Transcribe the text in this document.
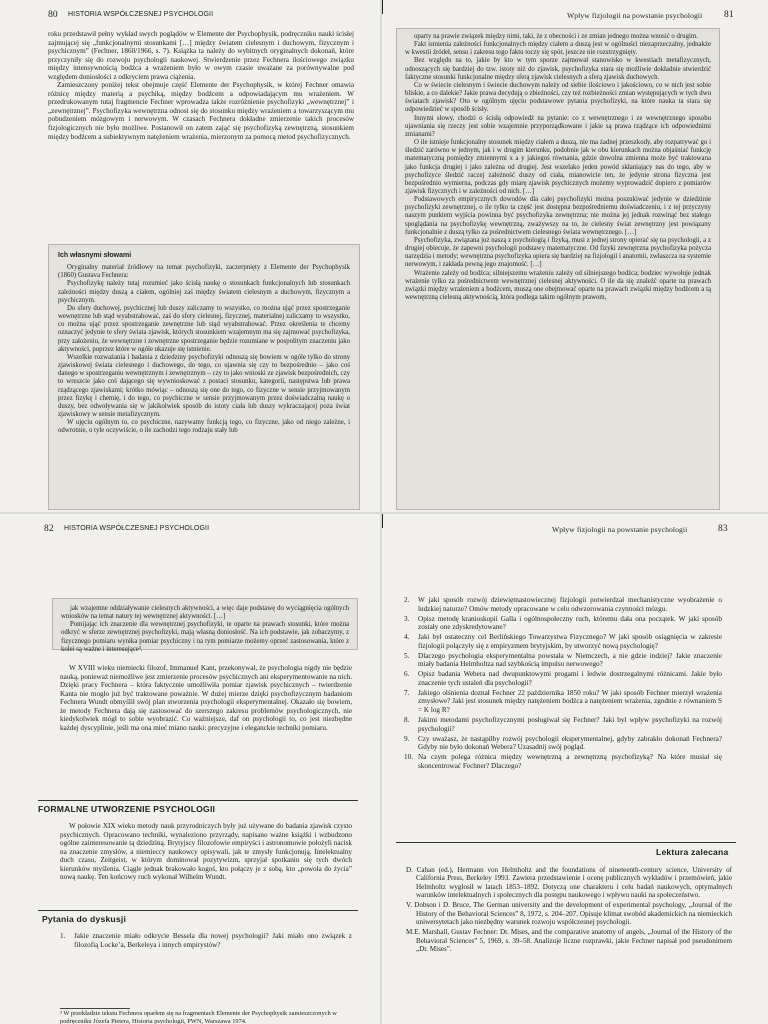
80 HISTORIA WSPÓŁCZESNEJ PSYCHOLOGII

roku przedstawił pełny wykład swych poglądów w Elemente der Psychophysik, podręczniku nauki ścisłej zajmującej się „funkcjonalnymi stosunkami […] między światem cielesnym i duchowym, fizycznym i psychicznym” (Fechner, 1860/1966, s. 7). Książka ta należy do wybitnych oryginalnych dokonań, które przyczyniły się do rozwoju psychologii naukowej. Stwierdzenie przez Fechnera ilościowego związku między intensywnością bodźca a wrażeniem było w owym czasie uważane za porównywalne pod względem doniosłości z odkryciem prawa ciążenia.

Zamieszczony poniżej tekst obejmuje część Elemente der Psychophysik, w której Fechner omawia różnicę między materią a psychiką, między bodźcem a odpowiadającym mu wrażeniem. W przedrukowanym tutaj fragmencie Fechner wprowadza także rozróżnienie psychofizyki „wewnętrznej” i „zewnętrznej”. Psychofizyka wewnętrzna odnosi się do stosunku między wrażeniem a towarzyszącym mu pobudzeniem mózgowym i nerwowym. W czasach Fechnera dokładne zmierzenie takich procesów fizjologicznych nie było możliwe. Postanowił on zatem zająć się psychofizyką zewnętrzną, stosunkiem między bodźcem a subiektywnym natężeniem wrażenia, mierzonym za pomocą metod psychofizycznych.

Ich własnymi słowami

Oryginalny materiał źródłowy na temat psychofizyki, zaczerpnięty z Elemente der Psychophysik (1860) Gustava Fechnera:

Psychofizykę należy tutaj rozumieć jako ścisłą naukę o stosunkach funkcjonalnych lub stosunkach zależności między duszą a ciałem, ogólniej zaś między światem cielesnym a duchowym, fizycznym a psychicznym.

Do sfery duchowej, psychicznej lub duszy zaliczamy to wszystko, co można ująć przez spostrzeganie wewnętrzne lub stąd wyabstrahować, zaś do sfery cielesnej, fizycznej, materialnej zaliczamy to wszystko, co można ująć przez spostrzeganie zewnętrzne lub stąd wyabstrahować. Przez określenia te chcemy oznaczyć jedynie te sfery świata zjawisk, których stosunkiem wzajemnym ma się zajmować psychofizyka, przy założeniu, że wewnętrzne i zewnętrzne spostrzeganie będzie rozumiane w pospolitym znaczeniu jako aktywności, poprzez które w ogóle ukazuje się istnienie.

Wszelkie rozważania i badania z dziedziny psychofizyki odnoszą się bowiem w ogóle tylko do strony zjawiskowej świata cielesnego i duchowego, do tego, co ujawnia się czy to bezpośrednio – jako coś danego w spostrzeganiu wewnętrznym i zewnętrznym – czy to jako wnioski ze zjawisk bezpośrednich, czy to wreszcie jako coś dającego się wywnioskować z postaci stosunku, kategorii, następstwa lub prawa rządzącego zjawiskami; krótko mówiąc – odnoszą się one do tego, co fizyczne w sensie przyjmowanym przez fizykę i chemię, i do tego, co psychiczne w sensie przyjmowanym przez doświadczalną naukę o duszy, bez odwoływania się w jakikolwiek sposób do istoty ciała lub duszy wykraczającej poza świat zjawiskowy w sensie metafizycznym.

W ujęciu ogólnym to, co psychiczne, nazywamy funkcją tego, co fizyczne, jako od niego zależne, i odwrotnie, o tyle oczywiście, o ile zachodzi tego rodzaju stały lub

Wpływ fizjologii na powstanie psychologii 81

oparty na prawie związek między nimi, taki, że z obecności i ze zmian jednego można wnosić o drugim.

Fakt istnienia zależności funkcjonalnych między ciałem a duszą jest w ogólności niezaprzeczalny, jednakże w kwestii źródeł, sensu i zakresu tego faktu toczy się spór, jeszcze nie rozstrzygnięty.

Bez względu na to, jakie by kto w tym sporze zajmował stanowisko w kwestiach metafizycznych, odnoszących się bardziej do tzw. istoty niż do zjawisk, psychofizyka stara się możliwie dokładnie stwierdzić faktyczne stosunki funkcjonalne między sferą zjawisk cielesnych a sferą zjawisk duchowych.

Co w świecie cielesnym i świecie duchowym należy od siebie ilościowo i jakościowo, co w nich jest sobie bliskie, a co dalekie? Jakie prawa decydują o zbieżności, czy też rozbieżności zmian występujących w tych dwu światach zjawisk? Oto w ogólnym ujęciu podstawowe pytania psychofizyki, na które nauka ta stara się odpowiedzieć w sposób ścisły.

Innymi słowy, chodzi o ścisłą odpowiedź na pytanie: co z wewnętrznego i ze wewnętrznego sposobu ujawniania się rzeczy jest sobie wzajemnie przyporządkowane i jakie są prawa rządzące ich odpowiednimi zmianami?

O ile istnieje funkcjonalny stosunek między ciałem a duszą, nie ma żadnej przeszkody, aby rozpatrywać go i śledzić zarówno w jednym, jak i w drugim kierunku, podobnie jak w obu kierunkach można objaśniać funkcję matematyczną pomiędzy zmiennymi x a y jakiegoś równania, gdzie dowolna zmienna może być traktowana jako funkcja drugiej i jako zależna od drugiej. Jest wszelako jeden powód skłaniający nas do tego, aby w psychofizyce śledzić raczej zależność duszy od ciała, mianowicie ten, że jedynie strona fizyczna jest bezpośrednio wymierna, podczas gdy miarę zjawisk psychicznych możemy wyprowadzić dopiero z pomiarów zjawisk fizycznych i w zależności od nich. […]

Podstawowych empirycznych dowodów dla całej psychofizyki można poszukiwać jedynie w dziedzinie psychofizyki zewnętrznej, o ile tylko ta część jest dostępna bezpośredniemu doświadczeniu, i z tej przyczyny naszym punktem wyjścia powinna być psychofizyka zewnętrzna; nie można jej jednak rozwinąć bez stałego spoglądania na psychofizykę wewnętrzną, zważywszy na to, że cielesny świat zewnętrzny jest powiązany funkcjonalnie z duszą tylko za pośrednictwem cielesnego świata wewnętrznego. […]

Psychofizyka, związana już naszą z psychologią i fizyką, musi z jednej strony opierać się na psychologii, a z drugiej obiecuje, że zapewni psychologii podstawy matematyczne. Od fizyki zewnętrzna psychofizyka pożycza narzędzia i metody; wewnętrzna psychofizyka opiera się bardziej na fizjologii i anatomii, zwłaszcza na systemie nerwowym, i zakłada pewną jego znajomość. […]

Wrażenie zależy od bodźca; silniejszemu wrażeniu zależy od silniejszego bodźca; bodziec wywołuje jednak wrażenie tylko za pośrednictwem wewnętrznej cielesnej aktywności. O ile da się znaleźć oparte na prawach związki między wrażeniem a bodźcem, muszą one obejmować oparte na prawach związki między bodźcem a tą wewnętrzną cielesną aktywnością, która podlega takim ogólnym prawom,

82 HISTORIA WSPÓŁCZESNEJ PSYCHOLOGII

jak wzajemne oddziaływanie cielesnych aktywności, a więc daje podstawę do wyciągnięcia ogólnych wniosków na temat natury tej wewnętrznej aktywności. […]

Pomijając ich znaczenie dla wewnętrznej psychofizyki, te oparte na prawach stosunki, które można odkryć w sferze zewnętrznej psychofizyki, mają własną doniosłość. Na ich podstawie, jak zobaczymy, z fizycznego pomiaru wynika pomiar psychiczny i na tym pomiarze możemy oprzeć zastosowania, które z kolei są ważne i interesujące³.

W XVIII wieku niemiecki filozof, Immanuel Kant, przekonywał, że psychologia nigdy nie będzie nauką, ponieważ niemożliwe jest zmierzenie procesów psychicznych ani eksperymentowanie na nich. Dzięki pracy Fechnera – która faktycznie umożliwiła pomiar zjawisk psychicznych – twierdzenie Kanta nie mogło już być traktowane poważnie. W dużej mierze dzięki psychofizycznym badaniom Fechnera Wundt obmyślił swój plan stworzenia psychologii eksperymentalnej. Okazało się bowiem, że metody Fechnera dają się zastosować do szerszego zakresu problemów psychologicznych, nie kiedykolwiek mógł to sobie wyobrazić. Co ważniejsze, daf on psychologii to, co jest niezbędne każdej dyscyplinie, jeśli ma ona mieć miano nauki: precyzyjne i eleganckie techniki pomiaru.

FORMALNE UTWORZENIE PSYCHOLOGII

W połowie XIX wieku metody nauk przyrodniczych były już używane do badania zjawisk czysto psychicznych. Opracowano techniki, wynaleziono przyrządy, napisano ważne książki i wzbudzono ogólne zainteresowanie tą dziedziną. Brytyjscy filozofowie empiryści i astronomowie położyli nacisk na znaczenie zmysłów, a niemieccy naukowcy opisywali, jak te zmysły funkcjonują. Intelektualny duch czasu, Zeitgeist, w którym dominował pozytywizm, sprzyjał spotkaniu się tych dwóch kierunków myślenia. Ciągle jednak brakowało kogoś, kto połączy je z sobą, kto „powoła do życia” nową naukę. Ten końcowy ruch wykonał Wilhelm Wundt.

Pytania do dyskusji
1.	Jakie znaczenie miało odkrycie Bessela dla nowej psychologii? Jaki miało ono związek z filozofią Locke’a, Berkeleya i innych empirystów?

³ W przekładzie tekstu Fechnera oparłem się na fragmentach Elemente der Psychophysik zamieszczonych w podręczniku Józefa Pietera, Historia psychologii, PWN, Warszawa 1974.

Wpływ fizjologii na powstanie psychologii	83
2.	W jaki sposób rozwój dziewiętnastowiecznej fizjologii potwierdzał mechanistyczne wyobrażenie o ludzkiej naturze? Omów metody opracowane w celu odwzorowania czynności mózgu.
3.	Opisz metodę kranioskopii Galla i ogólnospołeczny ruch, któremu dała ona początek. W jaki sposób zostały one zdyskredytowane?
4.	Jaki był ostateczny cel Berlińskiego Towarzystwa Fizycznego? W jaki sposób osiągnięcia w zakresie fizjologii połączyły się z empiryzmem brytyjskim, by utworzyć nową psychologię?
5.	Dlaczego psychologia eksperymentalna powstała w Niemczech, a nie gdzie indziej? Jakie znaczenie miały badania Helmholtza nad szybkością impulsu nerwowego?
6.	Opisz badania Webera nad dwupunktowymi progami i ledwie dostrzegalnymi różnicami. Jakie było znaczenie tych ustaleń dla psychologii?
7.	Jakiego olśnienia doznał Fechner 22 października 1850 roku? W jaki sposób Fechner mierzył wrażenia zmysłowe? Jaki jest stosunek między natężeniem bodźca a natężeniem wrażenia, zgodnie z równaniem S = K log R?
8.	Jakimi metodami psychofizycznymi posługiwał się Fechner? Jaki był wpływ psychofizyki na rozwój psychologii?
9.	Czy uważasz, że nastąpiłby rozwój psychologii eksperymentalnej, gdyby zabrakło dokonań Fechnera? Gdyby nie było dokonań Webera? Uzasadnij swój pogląd.
10. Na czym polega różnica między wewnętrzną a zewnętrzną psychofizyką? Na które musiał się skoncentrować Fechner? Dlaczego?
Lektura zalecana

D. Cahan (ed.), Hermann von Helmholtz and the foundations of nineteenth-century science, University of California Press, Berkeley 1993. Zawiera przedstawienie i ocenę publicznych wykładów i przemówień, jakie Helmholtz wygłosił w latach 1853–1892. Dotyczą one charakteru i celu badań naukowych, optymalnych warunków intelektualnych i społecznych dla postępu naukowego i wpływu nauki na społeczeństwo.

V. Dobson i D. Bruce, The German university and the development of experimental psychology, „Journal of the History of the Behavioral Sciences” 8, 1972, s. 204–207. Opisuje klimat swobód akademickich na niemieckich uniwersytetach jako niezbędny warunek rozwoju współczesnej psychologii.

M.E. Marshall, Gustav Fechner: Dr. Mises, and the comparative anatomy of angels, „Journal of the History of the Behavioral Sciences” 5, 1969, s. 39–58. Analizuje liczne rozprawki, jakie Fechner napisał pod pseudonimem „Dr. Mises”.
